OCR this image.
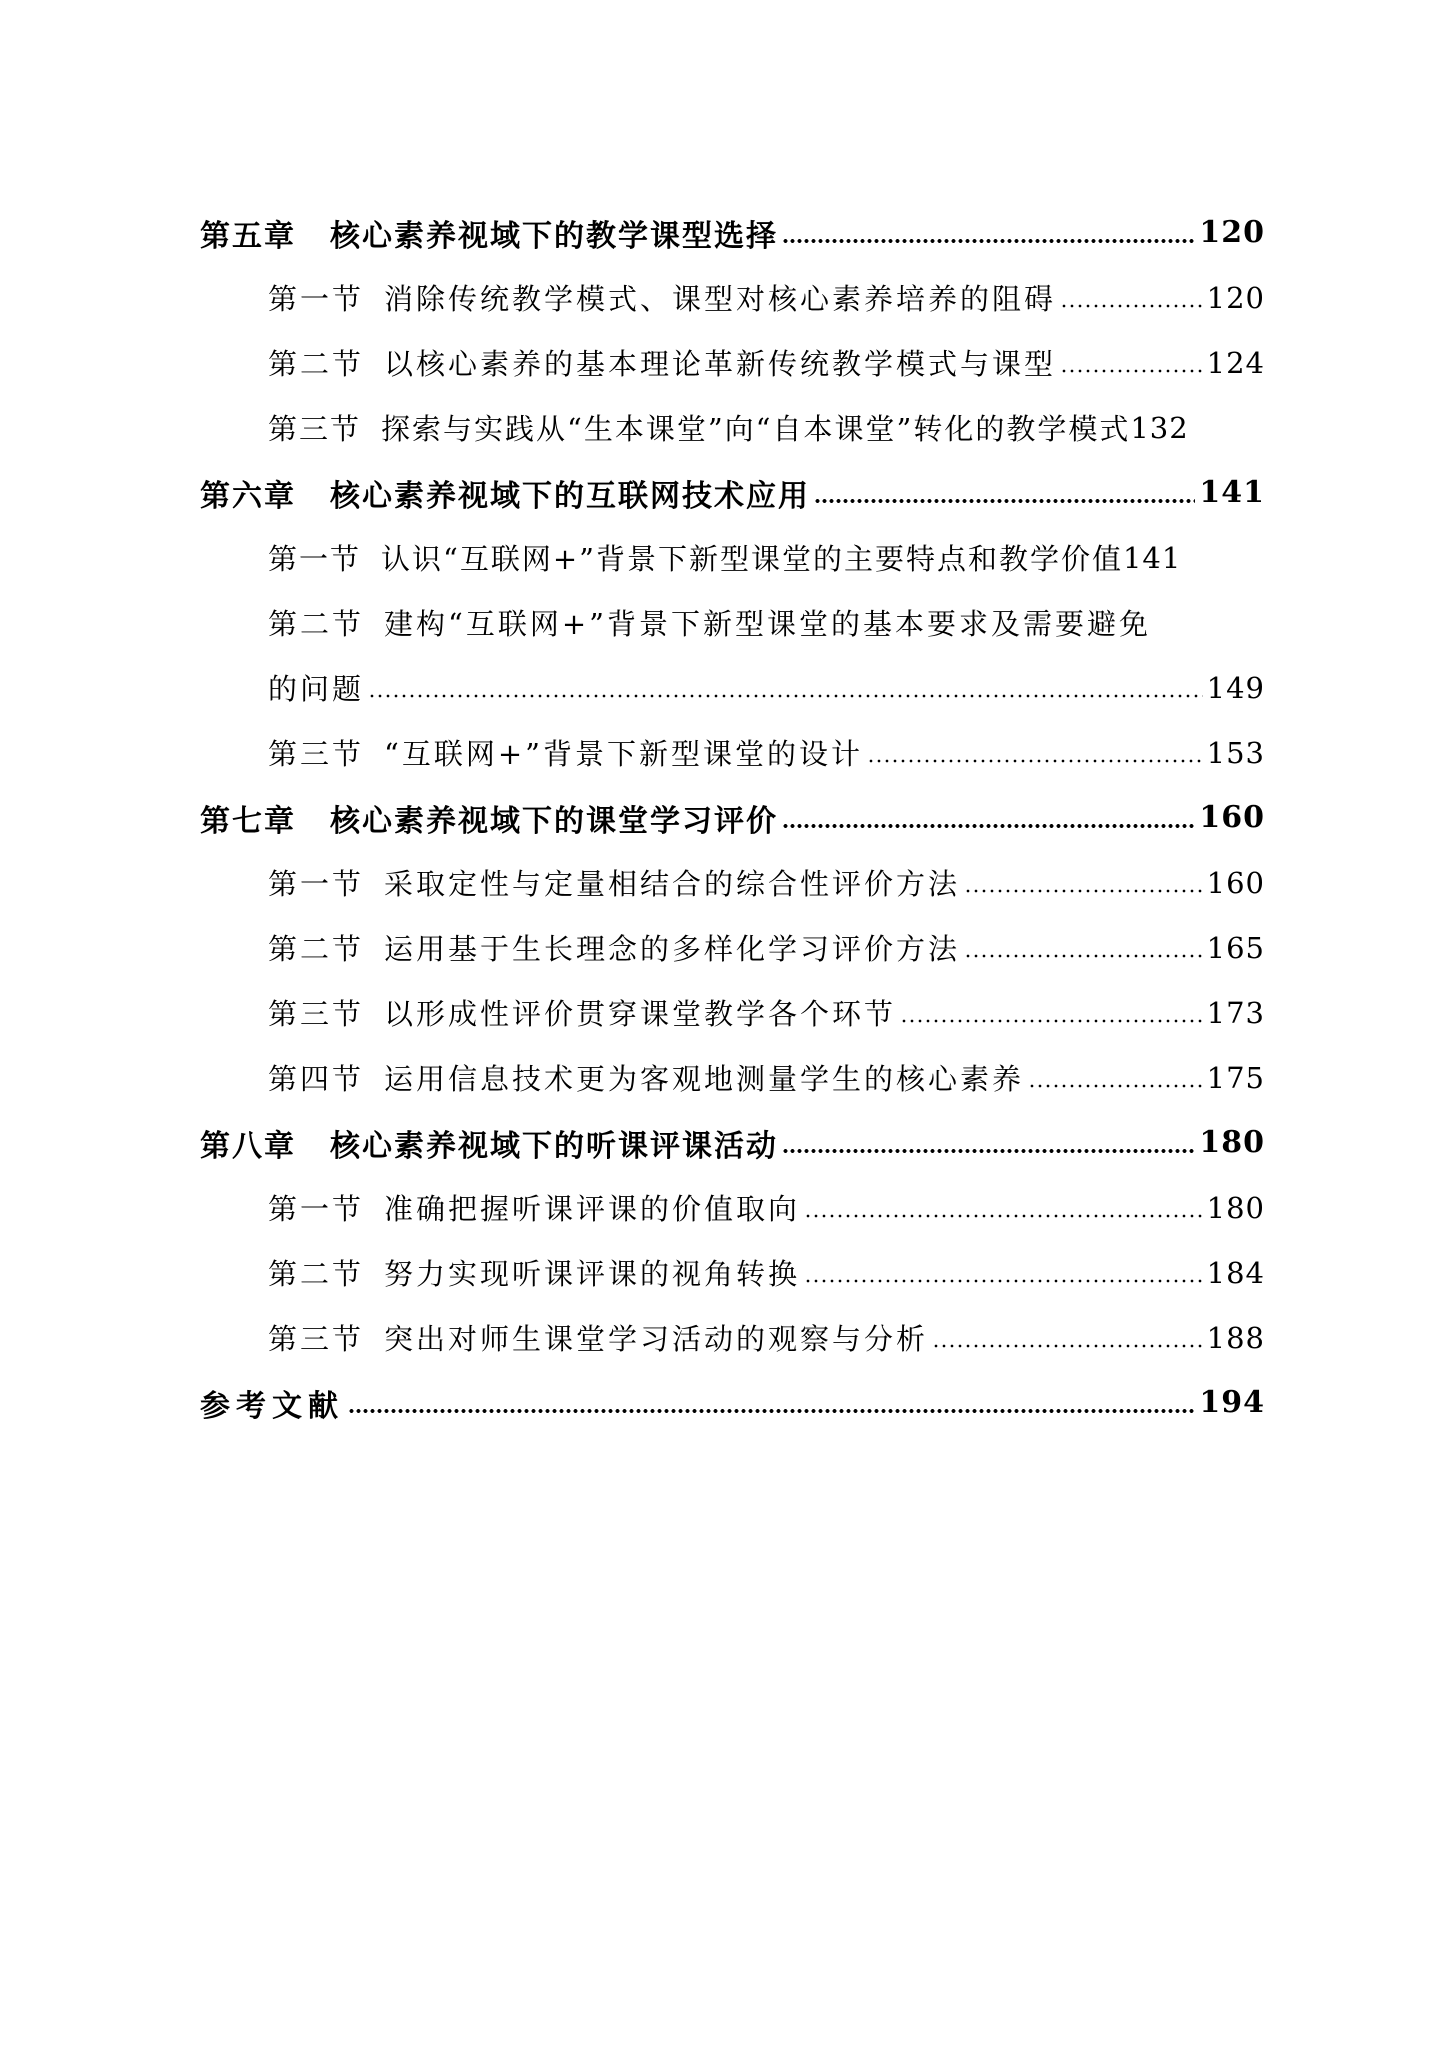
第五章 核心素养视域下的教学课型选择	120
第一节 消除传统教学模式、课型对核心素养培养的阻碍	120
第二节 以核心素养的基本理论革新传统教学模式与课型	124
第三节 探索与实践从“生本课堂”向“自本课堂”转化的教学模式 132
第六章 核心素养视域下的互联网技术应用	141
第一节 认识“互联网+”背景下新型课堂的主要特点和教学价值 141
第二节 建构“互联网+”背景下新型课堂的基本要求及需要避免
的问题	149
第三节 “互联网+”背景下新型课堂的设计	153
第七章 核心素养视域下的课堂学习评价	160
第一节 采取定性与定量相结合的综合性评价方法	160
第二节 运用基于生长理念的多样化学习评价方法	165
第三节 以形成性评价贯穿课堂教学各个环节	173
第四节 运用信息技术更为客观地测量学生的核心素养	175
第八章 核心素养视域下的听课评课活动	180
第一节 准确把握听课评课的价值取向	180
第二节 努力实现听课评课的视角转换	184
第三节 突出对师生课堂学习活动的观察与分析	188
参考文献	194
